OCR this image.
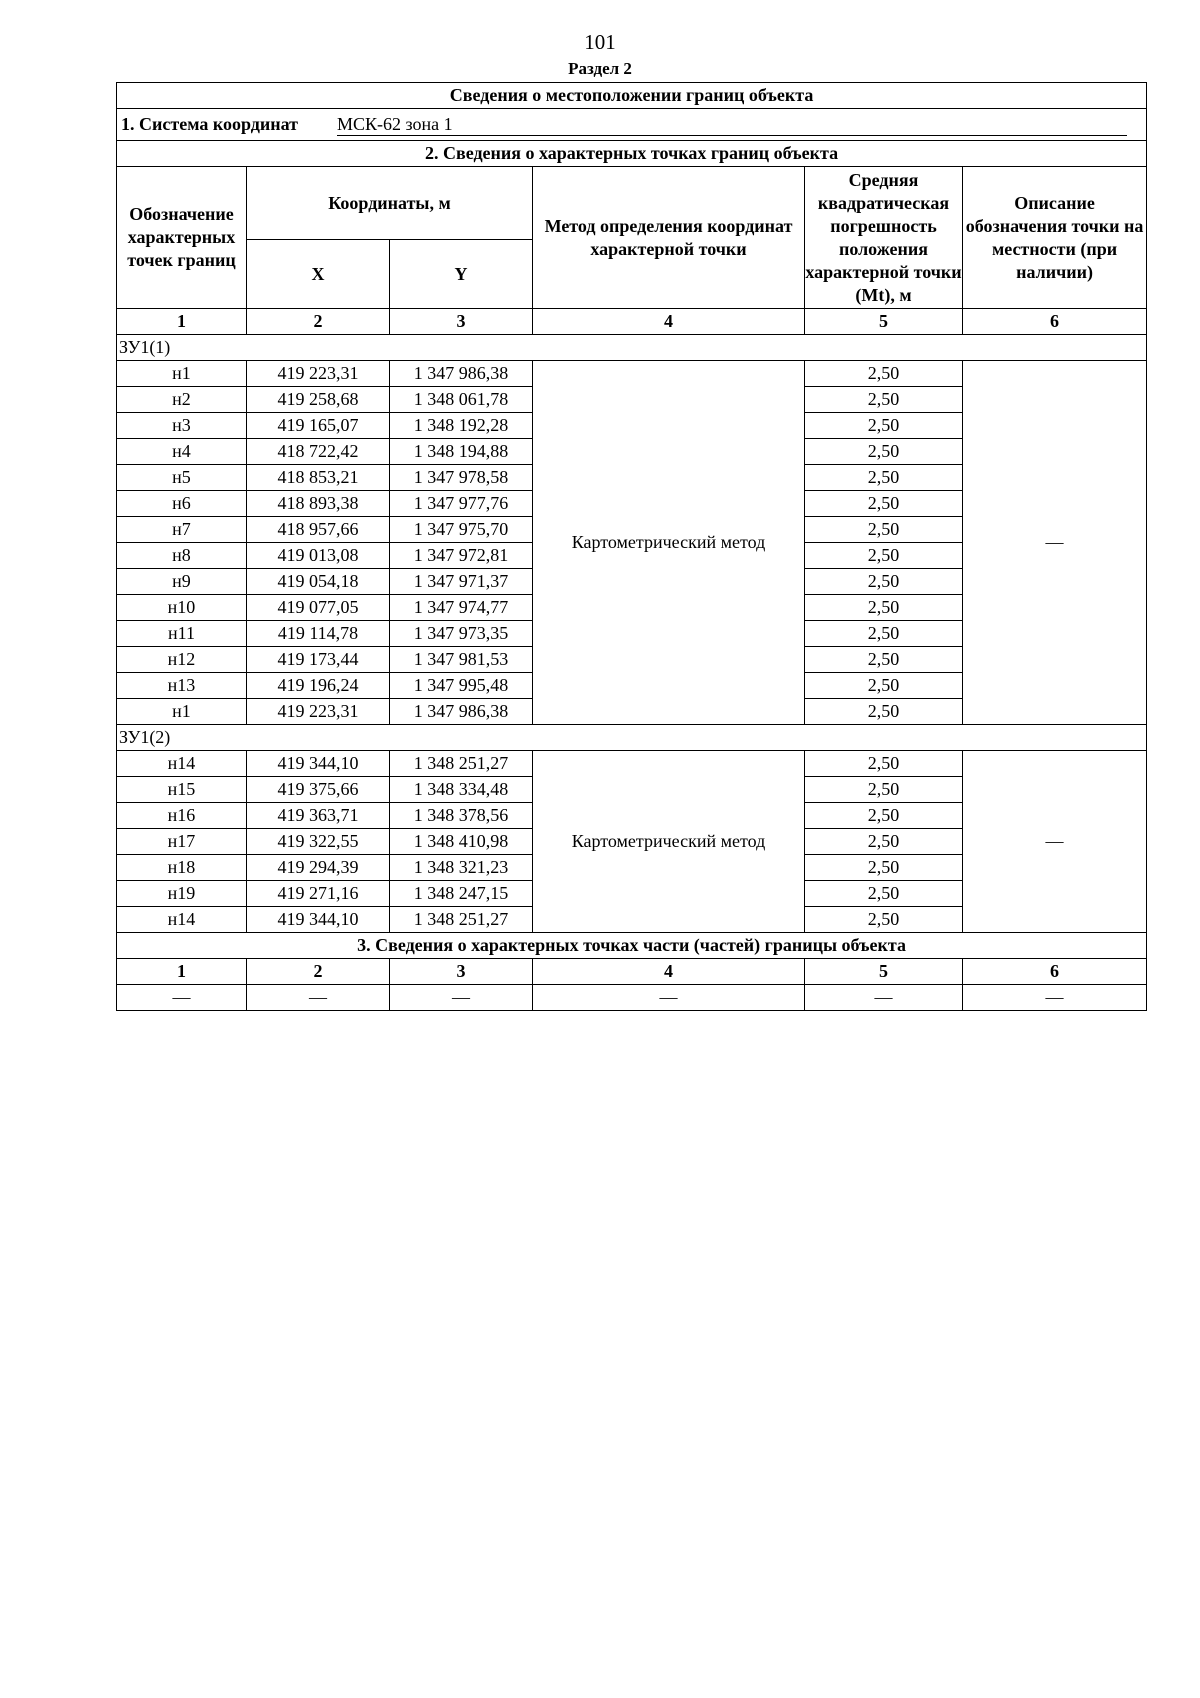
101
Раздел 2
Сведения о местоположении границ объекта					
1. Система координат МСК-62 зона 1					
2. Сведения о характерных точках границ объекта					
Обозначение характерных точек границ	Координаты, м		Метод определения координат характерной точки	Средняя квадратическая погрешность положения характерной точки (Mt), м	Описание обозначения точки на местности (при наличии)
	X	Y			
1	2	3	4	5	6
ЗУ1(1)					
н1	419 223,31	1 347 986,38	Картометрический метод	2,50	—
н2	419 258,68	1 348 061,78		2,50	
н3	419 165,07	1 348 192,28		2,50	
н4	418 722,42	1 348 194,88		2,50	
н5	418 853,21	1 347 978,58		2,50	
н6	418 893,38	1 347 977,76		2,50	
н7	418 957,66	1 347 975,70		2,50	
н8	419 013,08	1 347 972,81		2,50	
н9	419 054,18	1 347 971,37		2,50	
н10	419 077,05	1 347 974,77		2,50	
н11	419 114,78	1 347 973,35		2,50	
н12	419 173,44	1 347 981,53		2,50	
н13	419 196,24	1 347 995,48		2,50	
н1	419 223,31	1 347 986,38		2,50	
ЗУ1(2)					
н14	419 344,10	1 348 251,27	Картометрический метод	2,50	—
н15	419 375,66	1 348 334,48		2,50	
н16	419 363,71	1 348 378,56		2,50	
н17	419 322,55	1 348 410,98		2,50	
н18	419 294,39	1 348 321,23		2,50	
н19	419 271,16	1 348 247,15		2,50	
н14	419 344,10	1 348 251,27		2,50	
3. Сведения о характерных точках части (частей) границы объекта					
1	2	3	4	5	6
—	—	—	—	—	—
